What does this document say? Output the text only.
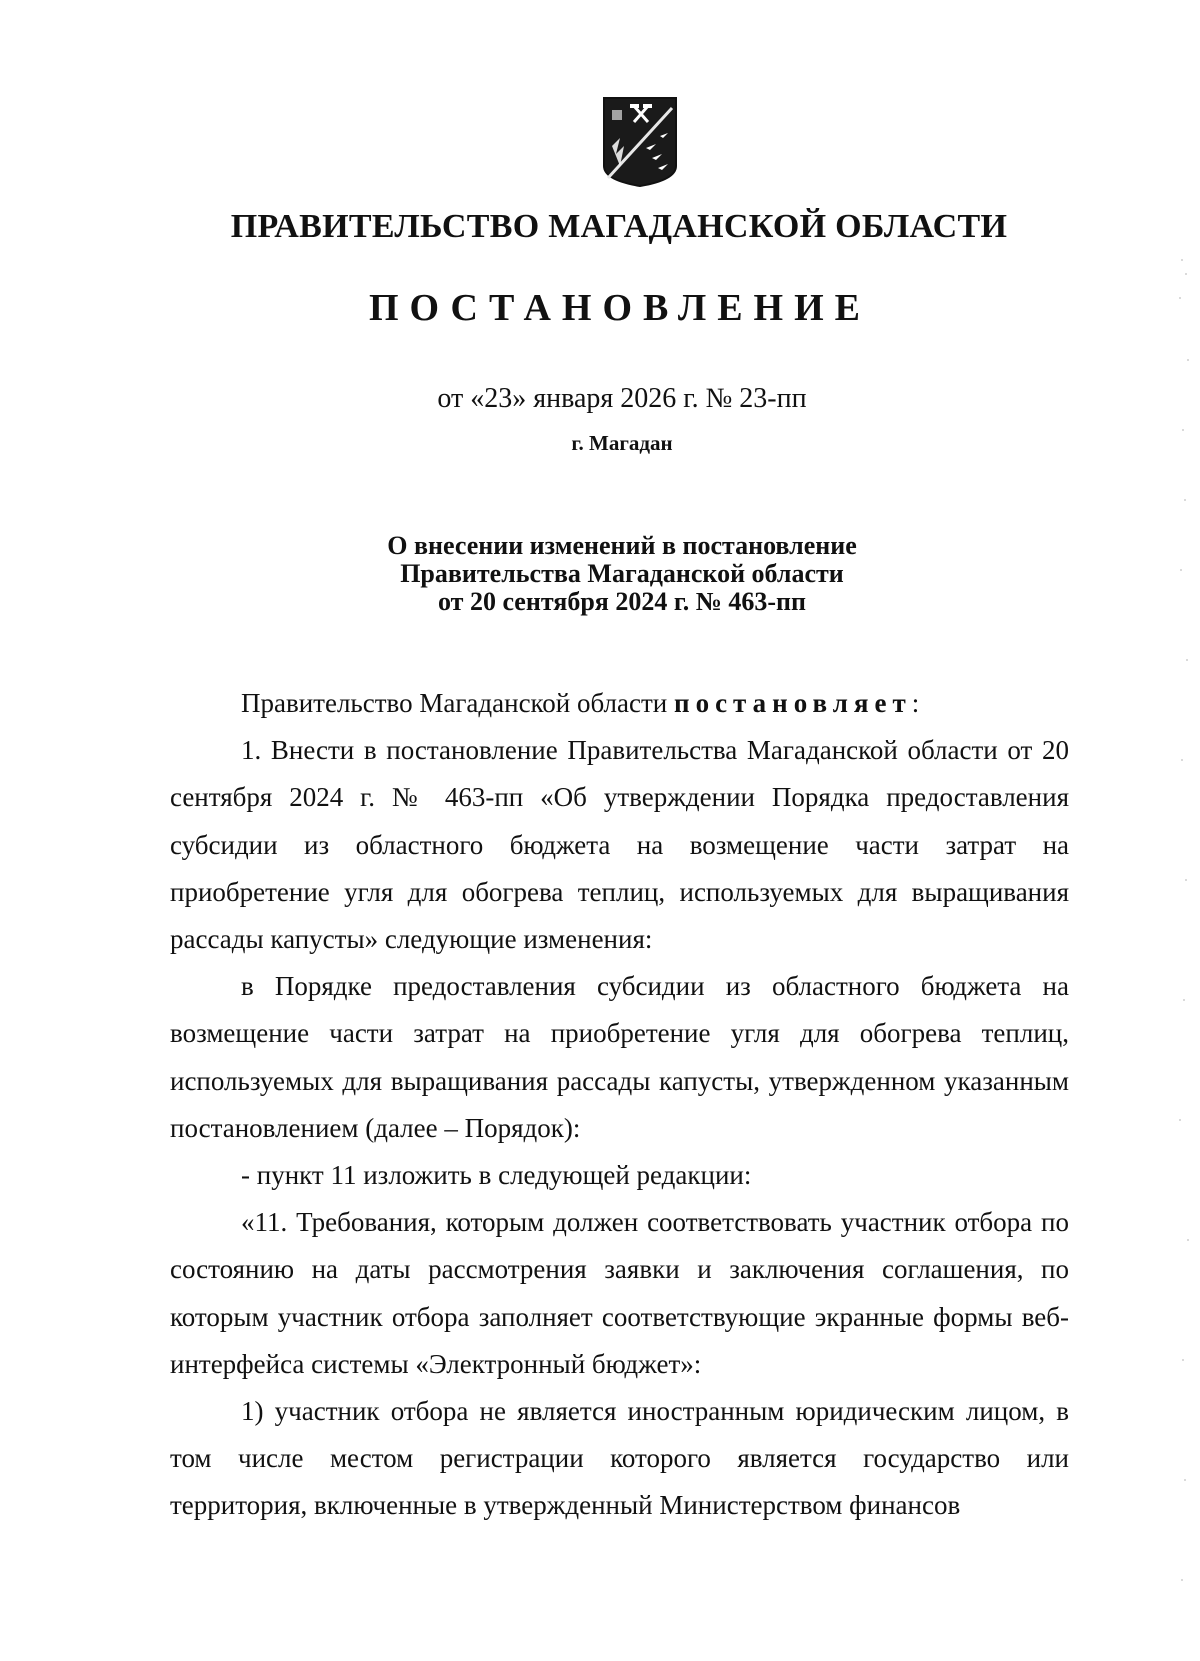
ПРАВИТЕЛЬСТВО МАГАДАНСКОЙ ОБЛАСТИ
ПОСТАНОВЛЕНИЕ
от «23» января 2026 г. № 23-пп
г. Магадан
О внесении изменений в постановление
Правительства Магаданской области
от 20 сентября 2024 г. № 463-пп

Правительство Магаданской области постановляет:

1. Внести в постановление Правительства Магаданской области от 20 сентября 2024 г. № 463-пп «Об утверждении Порядка предоставления субсидии из областного бюджета на возмещение части затрат на приобретение угля для обогрева теплиц, используемых для выращивания рассады капусты» следующие изменения:

в Порядке предоставления субсидии из областного бюджета на возмещение части затрат на приобретение угля для обогрева теплиц, используемых для выращивания рассады капусты, утвержденном указанным постановлением (далее – Порядок):

- пункт 11 изложить в следующей редакции:

«11. Требования, которым должен соответствовать участник отбора по состоянию на даты рассмотрения заявки и заключения соглашения, по которым участник отбора заполняет соответствующие экранные формы веб-интерфейса системы «Электронный бюджет»:

1) участник отбора не является иностранным юридическим лицом, в том числе местом регистрации которого является государство или территория, включенные в утвержденный Министерством финансов
